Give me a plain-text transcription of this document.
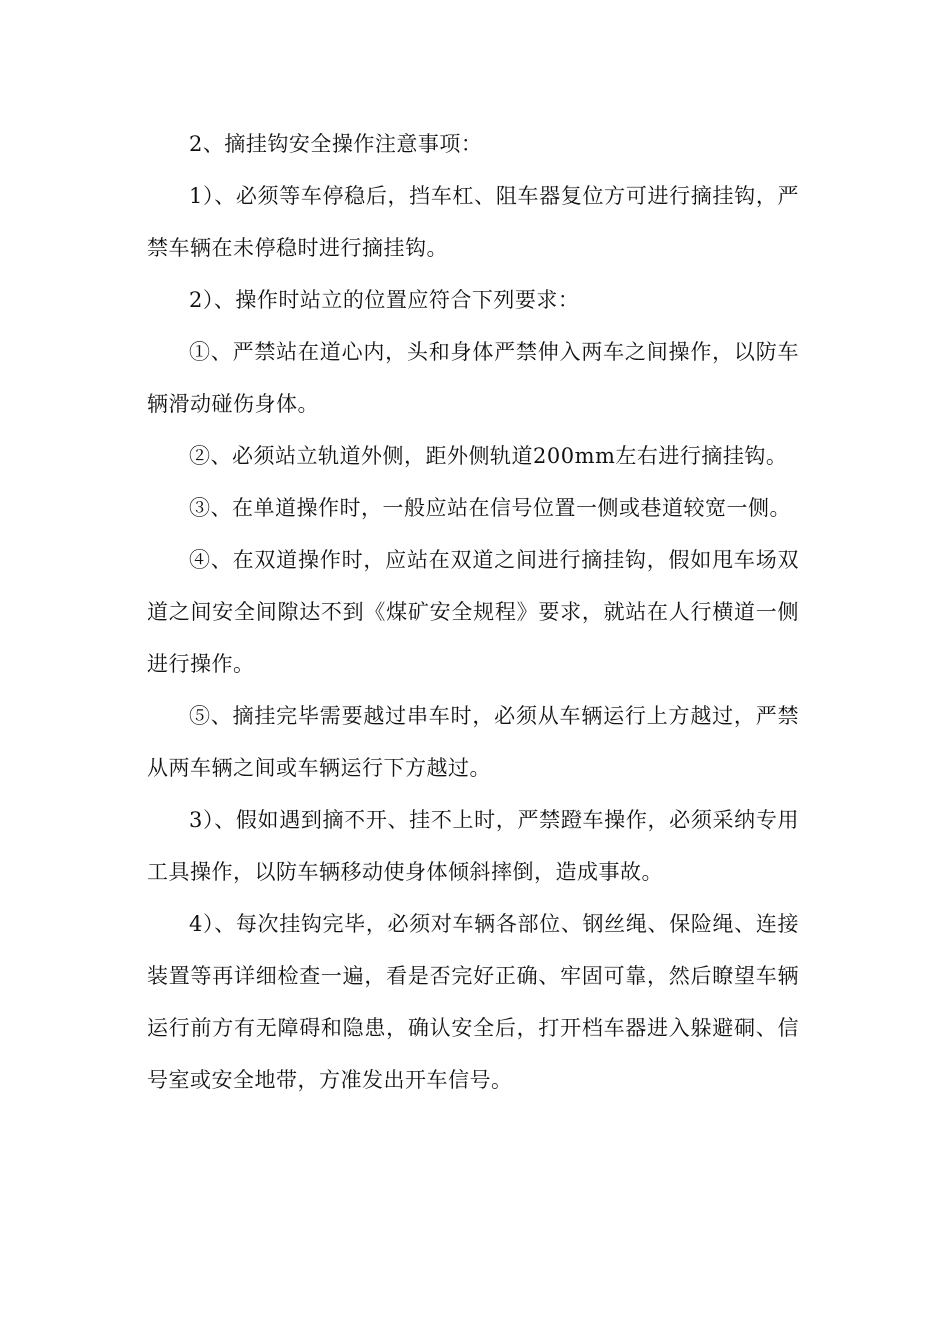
2、摘挂钩安全操作注意事项：

1）、必须等车停稳后，挡车杠、阻车器复位方可进行摘挂钩，严禁车辆在未停稳时进行摘挂钩。

2）、操作时站立的位置应符合下列要求：

①、严禁站在道心内，头和身体严禁伸入两车之间操作，以防车辆滑动碰伤身体。

②、必须站立轨道外侧，距外侧轨道200mm左右进行摘挂钩。

③、在单道操作时，一般应站在信号位置一侧或巷道较宽一侧。

④、在双道操作时，应站在双道之间进行摘挂钩，假如甩车场双道之间安全间隙达不到《煤矿安全规程》要求，就站在人行横道一侧进行操作。

⑤、摘挂完毕需要越过串车时，必须从车辆运行上方越过，严禁从两车辆之间或车辆运行下方越过。

3）、假如遇到摘不开、挂不上时，严禁蹬车操作，必须采纳专用工具操作，以防车辆移动使身体倾斜摔倒，造成事故。

4）、每次挂钩完毕，必须对车辆各部位、钢丝绳、保险绳、连接装置等再详细检查一遍，看是否完好正确、牢固可靠，然后瞭望车辆运行前方有无障碍和隐患，确认安全后，打开档车器进入躲避硐、信号室或安全地带，方准发出开车信号。
